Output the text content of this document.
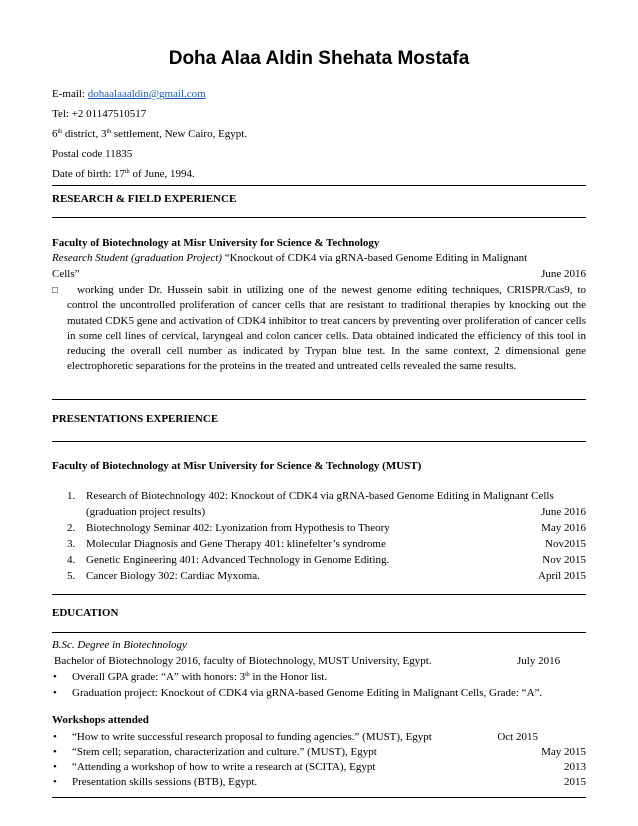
Doha Alaa Aldin Shehata Mostafa
E-mail: dohaalaaaldin@gmail.com
Tel: +2 01147510517
6th district, 3th settlement, New Cairo, Egypt.
Postal code 11835
Date of birth: 17th of June, 1994.
RESEARCH & FIELD EXPERIENCE
Faculty of Biotechnology at Misr University for Science & Technology
Research Student (graduation Project) “Knockout of CDK4 via gRNA-based Genome Editing in Malignant
Cells”	June 2016
□	working under Dr. Hussein sabit in utilizing one of the newest genome editing techniques, CRISPR/Cas9, to control the uncontrolled proliferation of cancer cells that are resistant to traditional therapies by knocking out the mutated CDK5 gene and activation of CDK4 inhibitor to treat cancers by preventing over proliferation of cancer cells in some cell lines of cervical, laryngeal and colon cancer cells. Data obtained indicated the efficiency of this tool in reducing the overall cell number as indicated by Trypan blue test. In the same context, 2 dimensional gene electrophoretic separations for the proteins in the treated and untreated cells revealed the same results.
PRESENTATIONS EXPERIENCE
Faculty of Biotechnology at Misr University for Science & Technology (MUST)
1. Research of Biotechnology 402: Knockout of CDK4 via gRNA-based Genome Editing in Malignant Cells
(graduation project results)	June 2016
2. Biotechnology Seminar 402: Lyonization from Hypothesis to Theory	May 2016
3. Molecular Diagnosis and Gene Therapy 401: klinefelter’s syndrome	Nov2015
4. Genetic Engineering 401: Advanced Technology in Genome Editing.	Nov 2015
5. Cancer Biology 302: Cardiac Myxoma.	April 2015
EDUCATION
B.Sc. Degree in Biotechnology
Bachelor of Biotechnology 2016, faculty of Biotechnology, MUST University, Egypt.	July 2016
• Overall GPA grade: “A” with honors: 3th in the Honor list.
• Graduation project: Knockout of CDK4 via gRNA-based Genome Editing in Malignant Cells, Grade: “A”.
Workshops attended
• “How to write successful research proposal to funding agencies.” (MUST), Egypt	Oct 2015
• “Stem cell; separation, characterization and culture.” (MUST), Egypt	May 2015
• “Attending a workshop of how to write a research at (SCITA), Egypt	2013
• Presentation skills sessions (BTB), Egypt.	2015
